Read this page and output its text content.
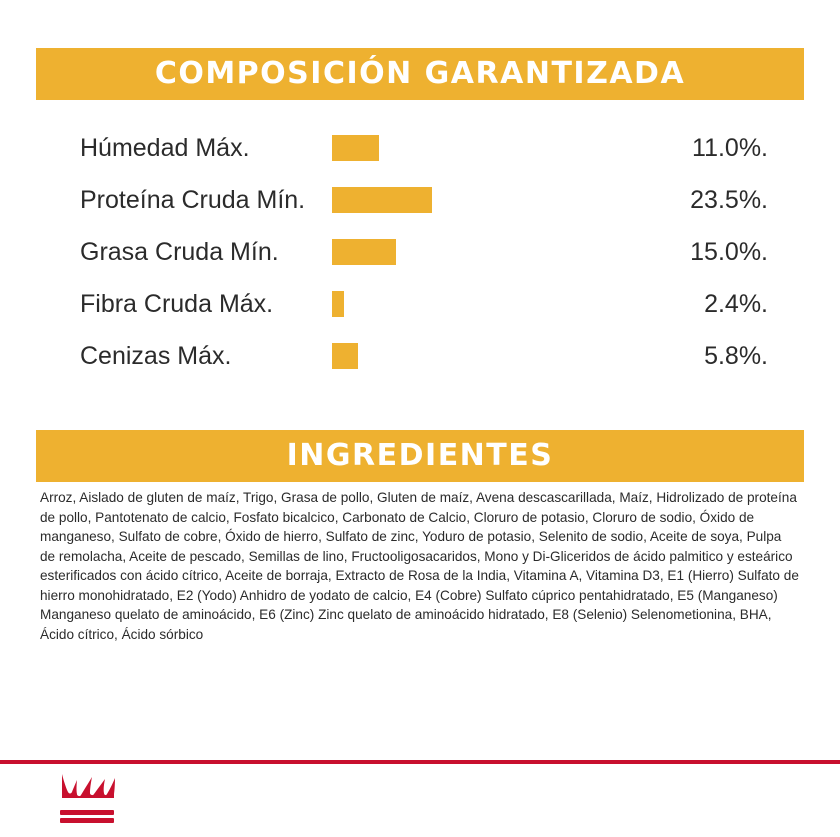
COMPOSICIÓN GARANTIZADA
Húmedad Máx.	11.0%.
Proteína Cruda Mín.	23.5%.
Grasa Cruda Mín.	15.0%.
Fibra Cruda Máx.	2.4%.
Cenizas Máx.	5.8%.
INGREDIENTES
Arroz, Aislado de gluten de maíz, Trigo, Grasa de pollo, Gluten de maíz, Avena descascarillada, Maíz, Hidrolizado de proteína de pollo, Pantotenato de calcio, Fosfato bicalcico, Carbonato de Calcio, Cloruro de potasio, Cloruro de sodio, Óxido de manganeso, Sulfato de cobre, Óxido de hierro, Sulfato de zinc, Yoduro de potasio, Selenito de sodio, Aceite de soya, Pulpa de remolacha, Aceite de pescado, Semillas de lino, Fructooligosacaridos, Mono y Di-Gliceridos de ácido palmitico y esteárico esterificados con ácido cítrico, Aceite de borraja, Extracto de Rosa de la India, Vitamina A, Vitamina D3, E1 (Hierro) Sulfato de hierro monohidratado, E2 (Yodo) Anhidro de yodato de calcio, E4 (Cobre) Sulfato cúprico pentahidratado, E5 (Manganeso) Manganeso quelato de aminoácido, E6 (Zinc) Zinc quelato de aminoácido hidratado, E8 (Selenio) Selenometionina, BHA, Ácido cítrico, Ácido sórbico
